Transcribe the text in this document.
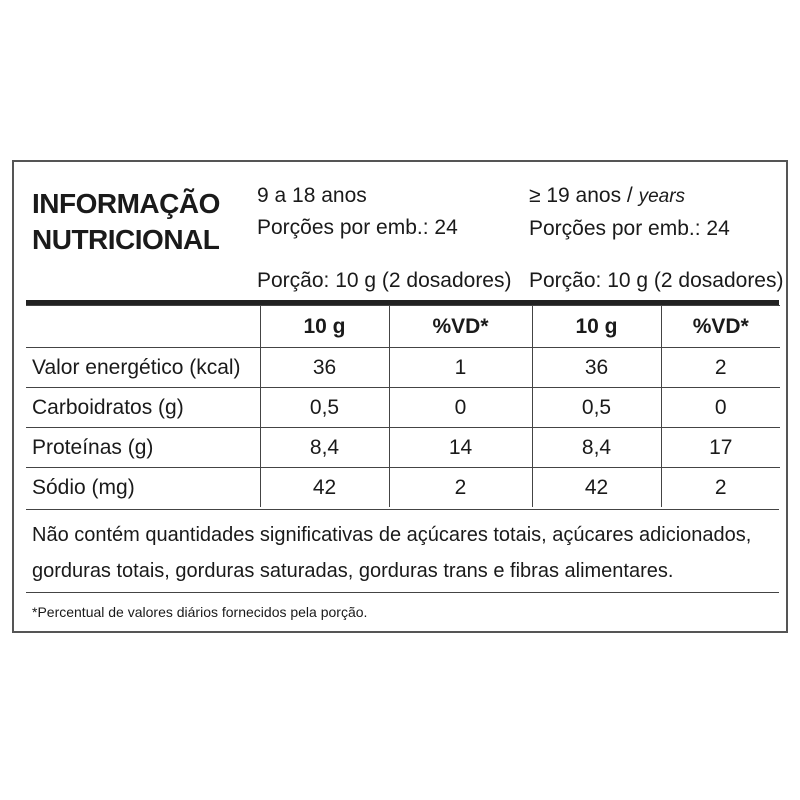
INFORMAÇÃO
NUTRICIONAL
9 a 18 anos
Porções por emb.: 24
Porção: 10 g (2 dosadores)
≥ 19 anos / years
Porções por emb.: 24
Porção: 10 g (2 dosadores)
	10 g	%VD*	10 g	%VD*
Valor energético (kcal)	36	1	36	2
Carboidratos (g)	0,5	0	0,5	0
Proteínas (g)	8,4	14	8,4	17
Sódio (mg)	42	2	42	2
Não contém quantidades significativas de açúcares totais, açúcares adicionados,
gorduras totais, gorduras saturadas, gorduras trans e fibras alimentares.
*Percentual de valores diários fornecidos pela porção.
